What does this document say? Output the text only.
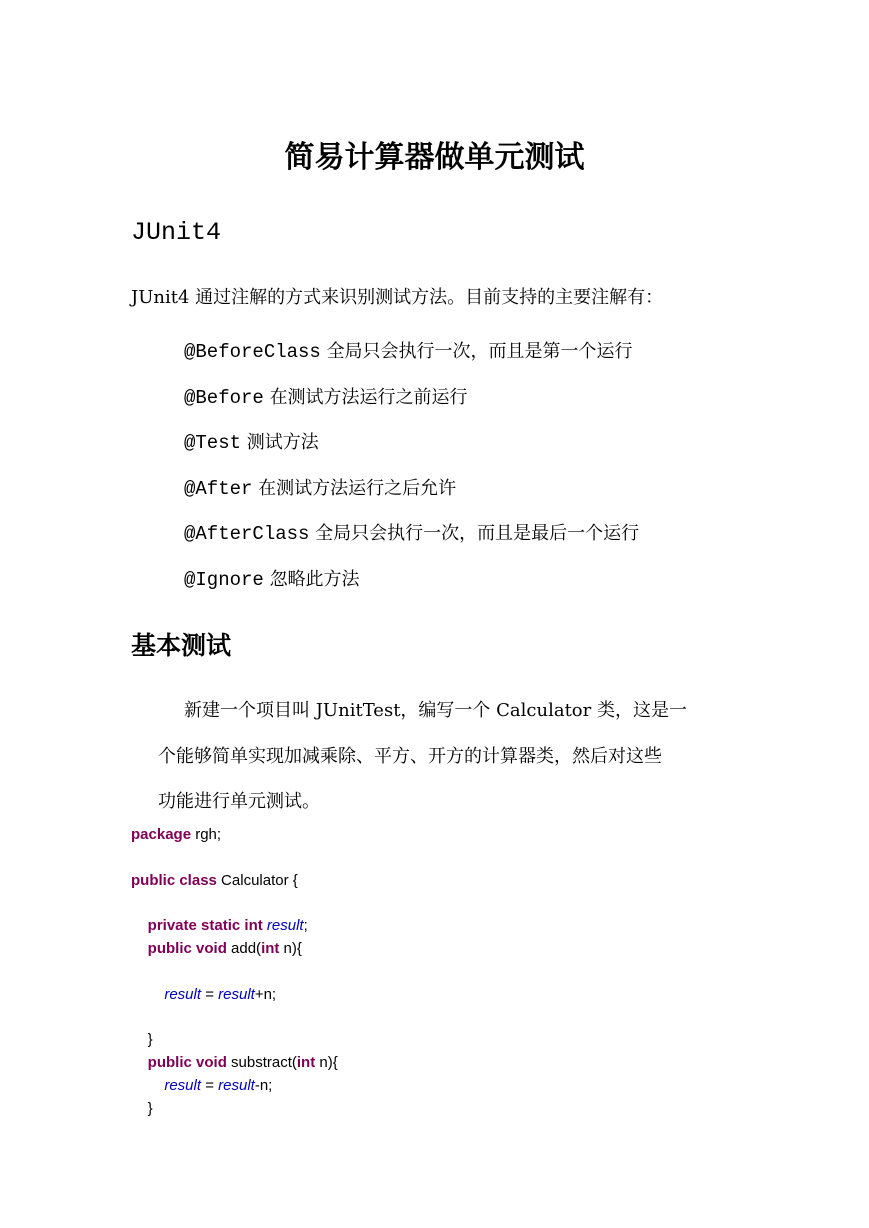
简易计算器做单元测试
JUnit4
JUnit4 通过注解的方式来识别测试方法。目前支持的主要注解有：
@BeforeClass 全局只会执行一次，而且是第一个运行
@Before 在测试方法运行之前运行
@Test 测试方法
@After 在测试方法运行之后允许
@AfterClass 全局只会执行一次，而且是最后一个运行
@Ignore 忽略此方法
基本测试
新建一个项目叫 JUnitTest，编写一个 Calculator 类，这是一
个能够简单实现加减乘除、平方、开方的计算器类，然后对这些
功能进行单元测试。
package rgh;
public class Calculator {
private static int result;
public void add(int n){
result = result+n;
}
public void substract(int n){
result = result-n;
}
